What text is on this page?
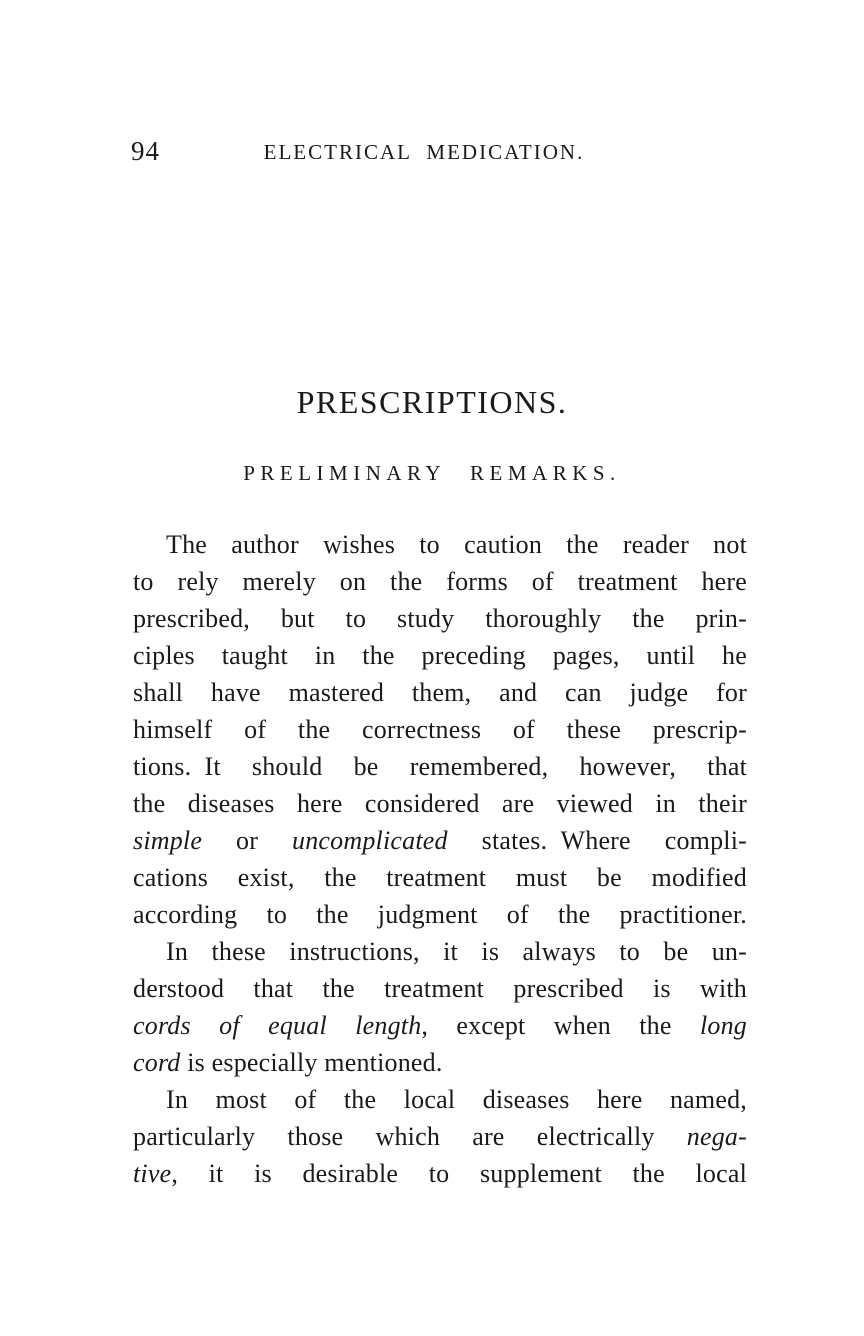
94	ELECTRICAL MEDICATION.
PRESCRIPTIONS.
PRELIMINARY REMARKS.
The author wishes to caution the reader not
to rely merely on the forms of treatment here
prescribed, but to study thoroughly the prin-
ciples taught in the preceding pages, until he
shall have mastered them, and can judge for
himself of the correctness of these prescrip-
tions. It should be remembered, however, that
the diseases here considered are viewed in their
simple or uncomplicated states. Where compli-
cations exist, the treatment must be modified
according to the judgment of the practitioner.
In these instructions, it is always to be un-
derstood that the treatment prescribed is with
cords of equal length, except when the long
cord is especially mentioned.
In most of the local diseases here named,
particularly those which are electrically nega-
tive, it is desirable to supplement the local
